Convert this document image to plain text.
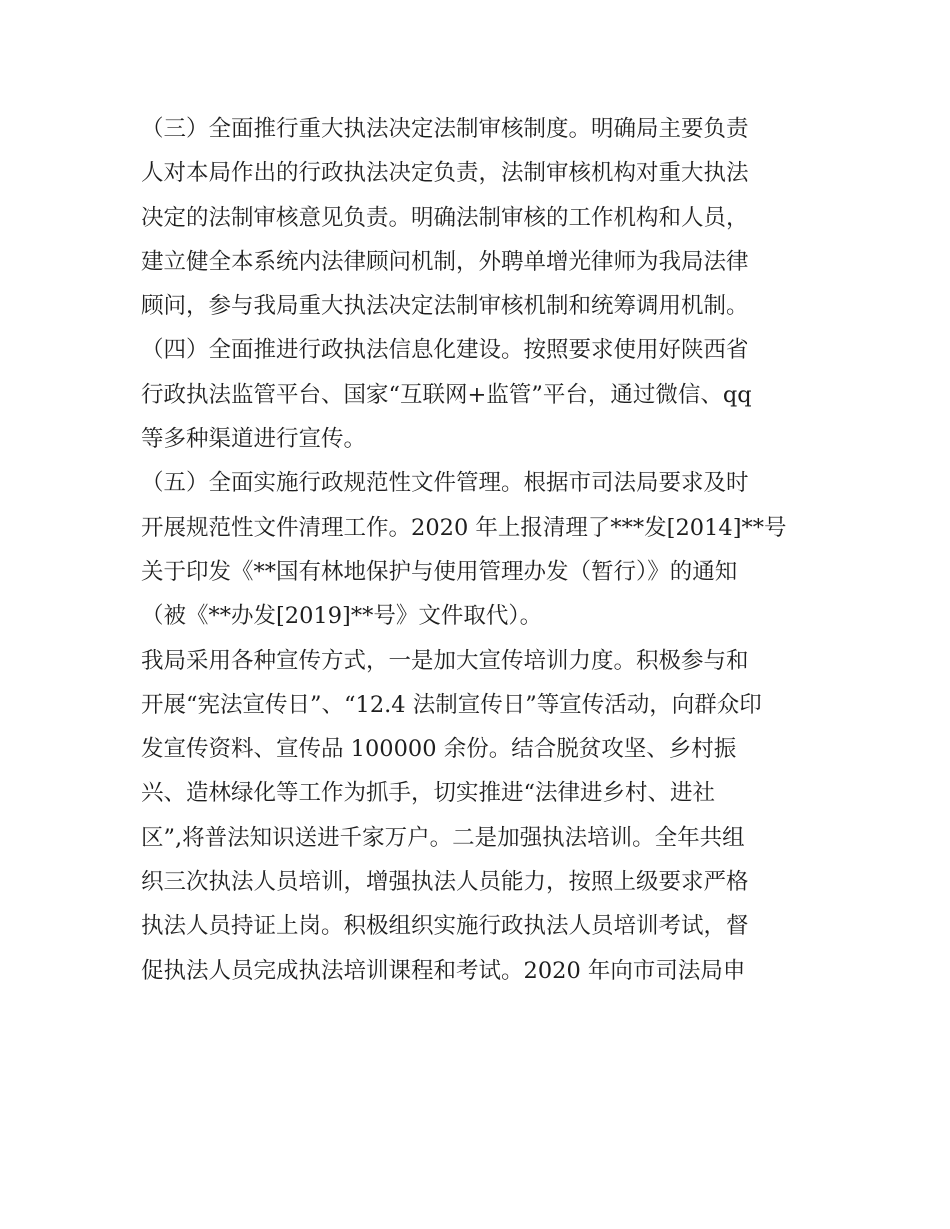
（三）全面推行重大执法决定法制审核制度。明确局主要负责
人对本局作出的行政执法决定负责，法制审核机构对重大执法
决定的法制审核意见负责。明确法制审核的工作机构和人员，
建立健全本系统内法律顾问机制，外聘单增光律师为我局法律
顾问，参与我局重大执法决定法制审核机制和统筹调用机制。
（四）全面推进行政执法信息化建设。按照要求使用好陕西省
行政执法监管平台、国家“互联网+监管”平台，通过微信、qq
等多种渠道进行宣传。
（五）全面实施行政规范性文件管理。根据市司法局要求及时
开展规范性文件清理工作。2020 年上报清理了***发[2014]**号
关于印发《**国有林地保护与使用管理办发（暂行）》的通知
（被《**办发[2019]**号》文件取代）。
我局采用各种宣传方式，一是加大宣传培训力度。积极参与和
开展“宪法宣传日”、“12.4 法制宣传日”等宣传活动，向群众印
发宣传资料、宣传品 100000 余份。结合脱贫攻坚、乡村振
兴、造林绿化等工作为抓手，切实推进“法律进乡村、进社
区”,将普法知识送进千家万户。二是加强执法培训。全年共组
织三次执法人员培训，增强执法人员能力，按照上级要求严格
执法人员持证上岗。积极组织实施行政执法人员培训考试，督
促执法人员完成执法培训课程和考试。2020 年向市司法局申
